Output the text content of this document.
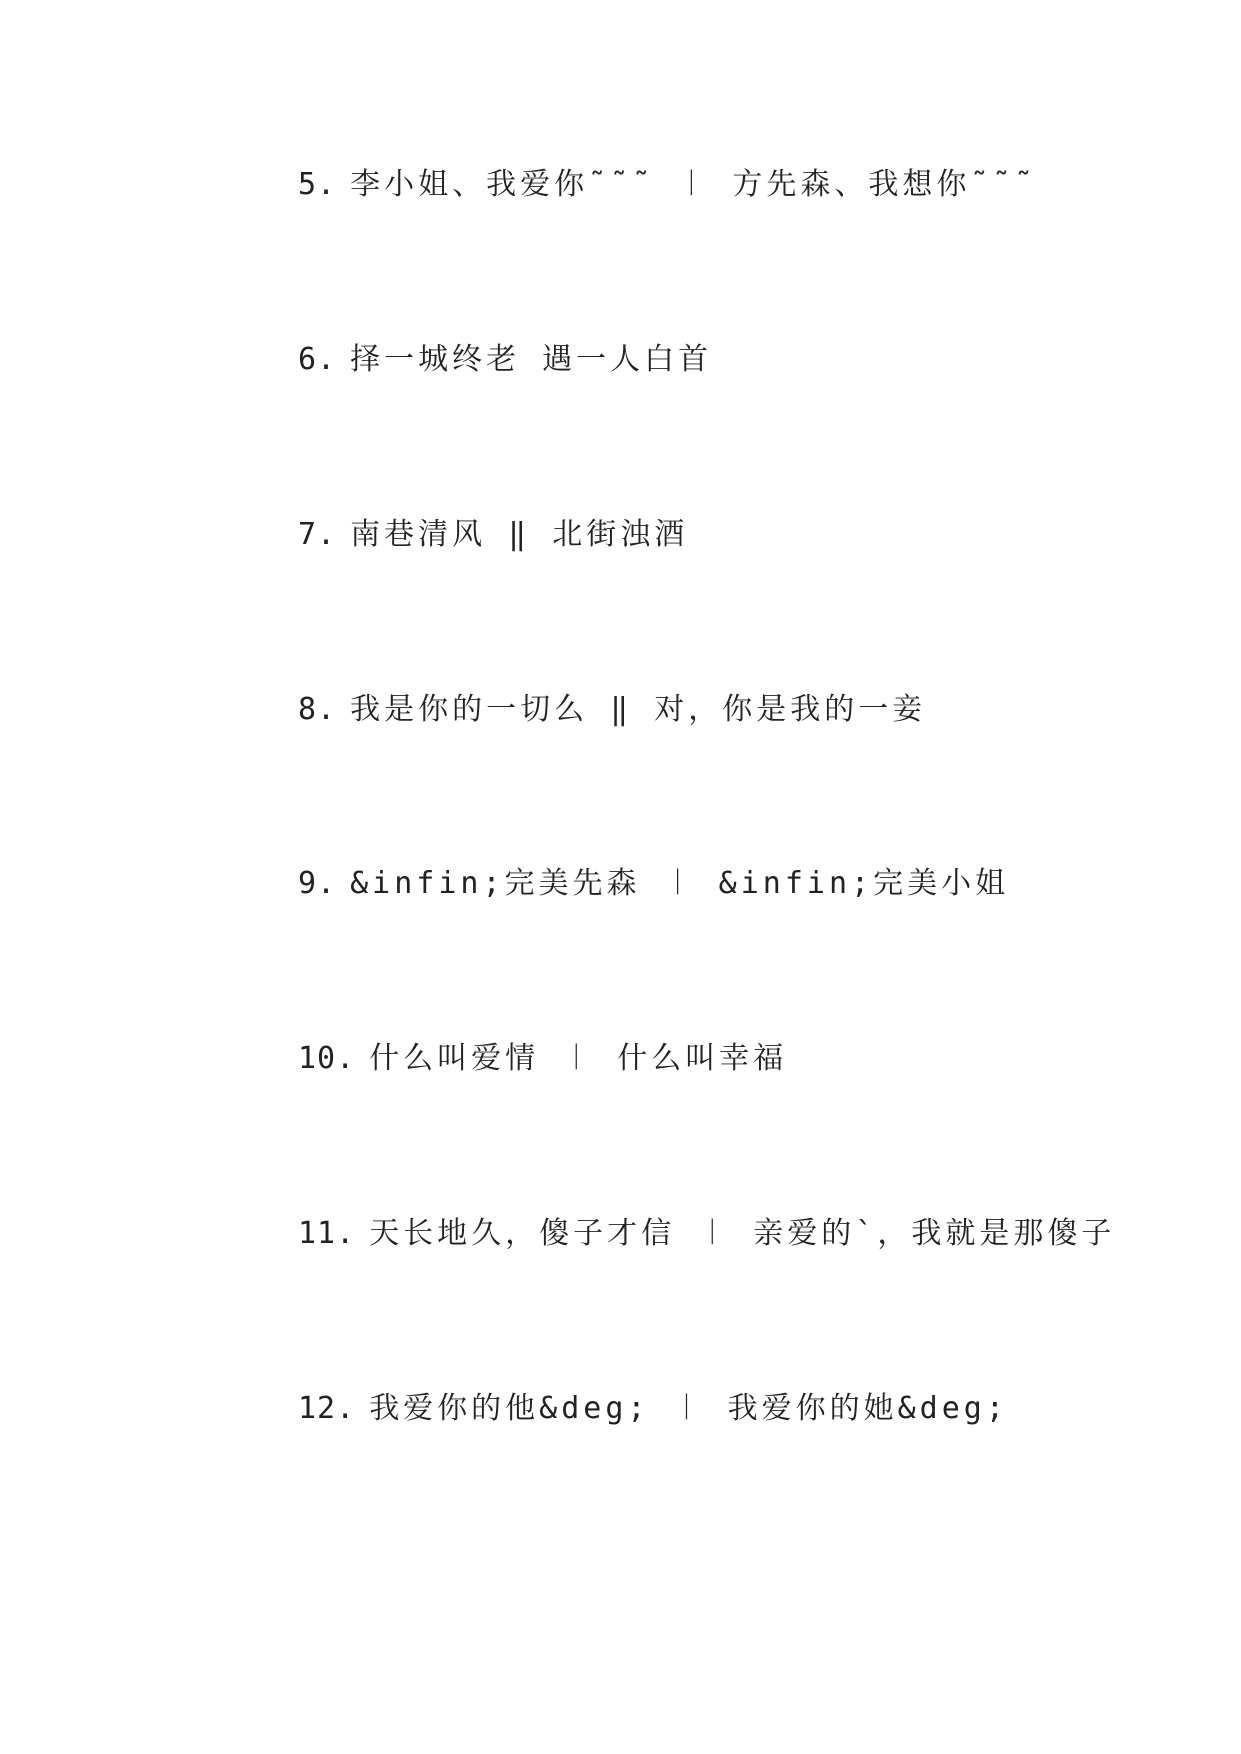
5. 李小姐、我爱你˜˜˜ ︱ 方先森、我想你˜˜˜
6. 择一城终老 遇一人白首
7. 南巷清风 ‖ 北街浊酒
8. 我是你的一切么 ‖ 对，你是我的一妾
9. &infin;完美先森 ︱ &infin;完美小姐
10. 什么叫爱情 ︱ 什么叫幸福
11. 天长地久，傻子才信 ︱ 亲爱的`，我就是那傻子
12. 我爱你的他&deg; ︱ 我爱你的她&deg;
